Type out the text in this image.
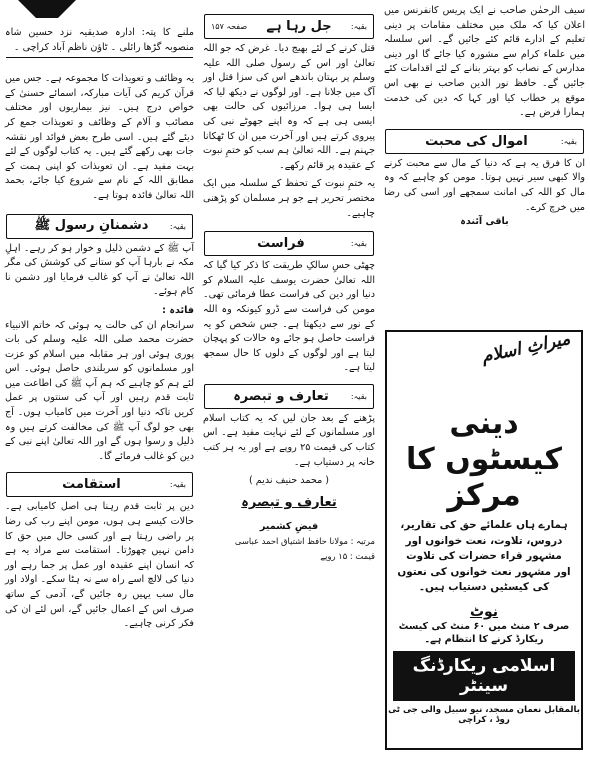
ملنے کا پتہ: ادارہ صدیقیہ نزد حسین شاہ منصوبہ گڑھا رائلی ۔ ٹاؤن ناظم آباد کراچی ۔

یہ وظائف و تعویذات کا مجموعہ ہے۔ جس میں قرآن کریم کی آیات مبارکہ، اسمائے حسنیٰ کے خواص درج ہیں۔ نیز بیماریوں اور مختلف مصائب و آلام کے وظائف و تعویذات جمع کر دیئے گئے ہیں۔ اسی طرح بعض فوائد اور نقشہ جات بھی رکھے گئے ہیں۔ یہ کتاب لوگوں کے لئے بہت مفید ہے۔ ان تعویذات کو اپنی ہمت کے مطابق اللہ کے نام سے شروع کیا جائے، بحمد اللہ تعالیٰ فائدہ ہوتا ہے۔

بقیہ:
دشمنانِ رسول ﷺ

آپ ﷺ کے دشمن ذلیل و خوار ہو کر رہے۔ اہلِ مکہ نے بارہا آپ کو ستانے کی کوشش کی مگر اللہ تعالیٰ نے آپ کو غالب فرمایا اور دشمن نا کام ہوئے۔

فائدہ :

سرانجام ان کی حالت یہ ہوئی کہ خاتم الانبیاء حضرت محمد صلی اللہ علیہ وسلم کی بات پوری ہوئی اور ہر مقابلہ میں اسلام کو عزت اور مسلمانوں کو سربلندی حاصل ہوئی۔ اس لئے ہم کو چاہیے کہ ہم آپ ﷺ کی اطاعت میں ثابت قدم رہیں اور آپ کی سنتوں پر عمل کریں تاکہ دنیا اور آخرت میں کامیاب ہوں۔ آج بھی جو لوگ آپ ﷺ کی مخالفت کرتے ہیں وہ ذلیل و رسوا ہوں گے اور اللہ تعالیٰ اپنے نبی کے دین کو غالب فرمائے گا۔

بقیہ:
استقامت

دین پر ثابت قدم رہنا ہی اصل کامیابی ہے۔ حالات کیسے ہی ہوں، مومن اپنے رب کی رضا پر راضی رہتا ہے اور کسی حال میں حق کا دامن نہیں چھوڑتا۔ استقامت سے مراد یہ ہے کہ انسان اپنے عقیدہ اور عمل پر جما رہے اور دنیا کی لالچ اسے راہ سے نہ ہٹا سکے۔ اولاد اور مال سب یہیں رہ جائیں گے، آدمی کے ساتھ صرف اس کے اعمال جائیں گے، اس لئے ان کی فکر کرنی چاہیے۔

بقیہ:
جل رہا ہے
صفحہ ۱۵۷

قتل کرنے کے لئے بھیج دیا۔ غرض کہ جو اللہ تعالیٰ اور اس کے رسول صلی اللہ علیہ وسلم پر بہتان باندھے اس کی سزا قتل اور آگ میں جلانا ہے۔ اور لوگوں نے دیکھ لیا کہ ایسا ہی ہوا۔ مرزائیوں کی حالت بھی ایسی ہی ہے کہ وہ اپنے جھوٹے نبی کی پیروی کرتے ہیں اور آخرت میں ان کا ٹھکانا جہنم ہے۔ اللہ تعالیٰ ہم سب کو ختمِ نبوت کے عقیدہ پر قائم رکھے۔

یہ ختمِ نبوت کے تحفظ کے سلسلہ میں ایک مختصر تحریر ہے جو ہر مسلمان کو پڑھنی چاہیے۔

بقیہ:
فراست

چھٹی حسِ سالکِ طریقت کا ذکر کیا گیا کہ اللہ تعالیٰ حضرت یوسف علیہ السلام کو دنیا اور دین کی فراست عطا فرمائی تھی۔ مومن کی فراست سے ڈرو کیونکہ وہ اللہ کے نور سے دیکھتا ہے۔ جس شخص کو یہ فراست حاصل ہو جائے وہ حالات کو پہچان لیتا ہے اور لوگوں کے دلوں کا حال سمجھ لیتا ہے۔

بقیہ:
تعارف و تبصرہ

پڑھنے کے بعد جان لیں کہ یہ کتاب اسلام اور مسلمانوں کے لئے نہایت مفید ہے۔ اس کتاب کی قیمت ۲۵ روپے ہے اور یہ ہر کتب خانہ پر دستیاب ہے۔

( محمد حنیف ندیم )

تعارف و تبصرہ

فیضِ کشمیر

مرتبہ : مولانا حافظ اشتیاق احمد عباسی

قیمت : ۱۵ روپے

سیف الرحمٰن صاحب نے ایک پریس کانفرنس میں اعلان کیا کہ ملک میں مختلف مقامات پر دینی تعلیم کے ادارے قائم کئے جائیں گے۔ اس سلسلہ میں علماء کرام سے مشورہ کیا جائے گا اور دینی مدارس کے نصاب کو بہتر بنانے کے لئے اقدامات کئے جائیں گے۔ حافظ نور الدین صاحب نے بھی اس موقع پر خطاب کیا اور کہا کہ دین کی خدمت ہمارا فرض ہے۔

بقیہ:
اموال کی محبت

ان کا فرق یہ ہے کہ دنیا کے مال سے محبت کرنے والا کبھی سیر نہیں ہوتا۔ مومن کو چاہیے کہ وہ مال کو اللہ کی امانت سمجھے اور اسی کی رضا میں خرچ کرے۔

باقی آئندہ

میراثِ اسلام
دینی کیسٹوں کا مرکز
ہمارے ہاں علمائے حق کی تقاریر، دروس، تلاوت، نعت خوانوں اور مشہور قراء حضرات کی تلاوت اور مشہور نعت خوانوں کی نعتوں کی کیسٹیں دستیاب ہیں۔
نوٹ
صرف ۲ منٹ میں ۶۰ منٹ کی کیسٹ ریکارڈ کرنے کا انتظام ہے۔
اسلامی ریکارڈنگ سینٹر
بالمقابل نعمان مسجد، نیو سبیل والی جی ٹی روڈ ، کراچی
